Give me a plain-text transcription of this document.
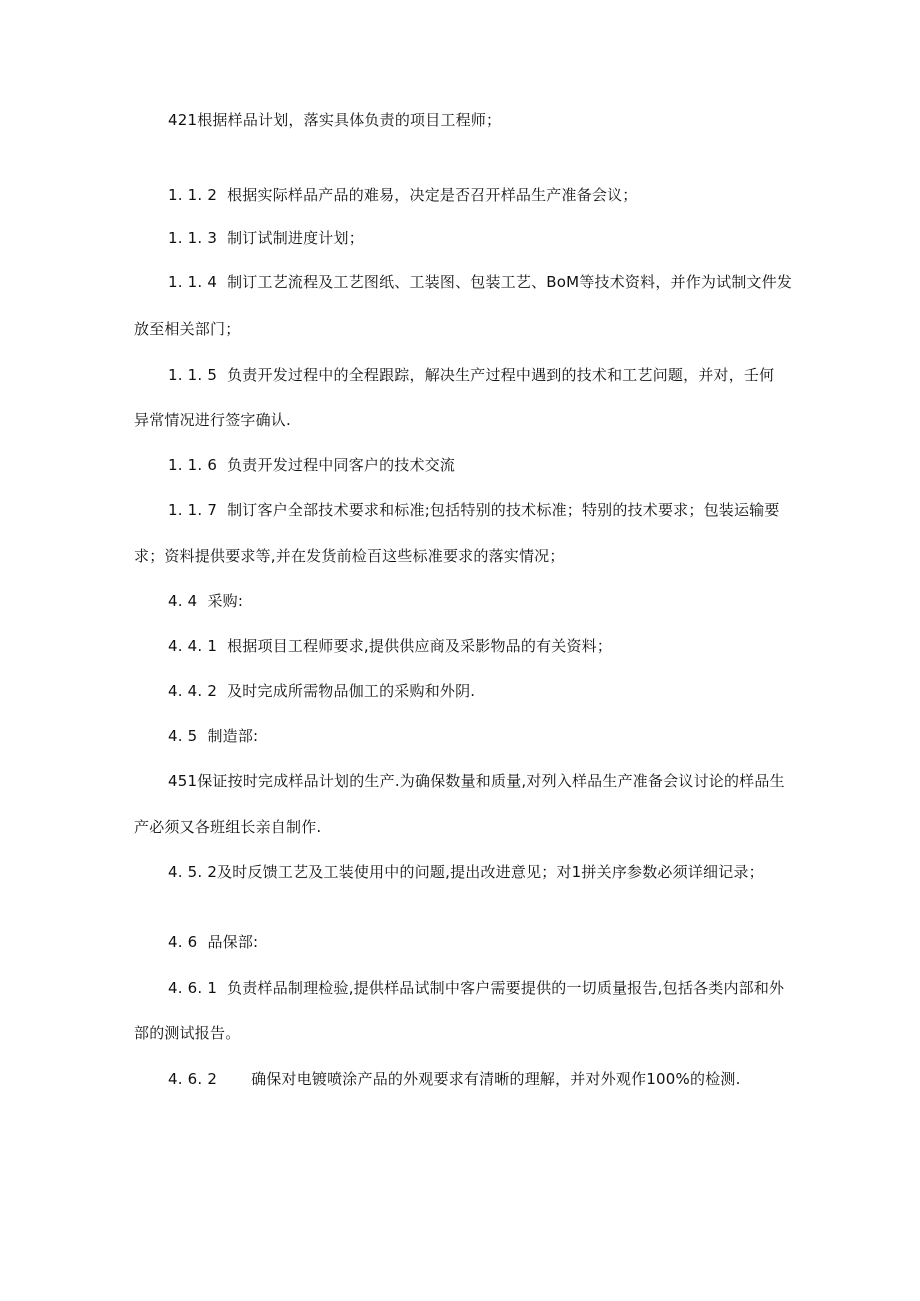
421根据样品计划，落实具体负责的项目工程师；
1. 1. 2 根据实际样品产品的难易，决定是否召开样品生产准备会议；
1. 1. 3 制订试制进度计划；
1. 1. 4 制订工艺流程及工艺图纸、工装图、包装工艺、BoM等技术资料，并作为试制文件发
放至相关部门；
1. 1. 5 负责开发过程中的全程跟踪，解决生产过程中遇到的技术和工艺问题，并对，壬何
异常情况进行签字确认.
1. 1. 6 负责开发过程中同客户的技术交流
1. 1. 7 制订客户全部技术要求和标准;包括特别的技术标准；特别的技术要求；包装运输要
求；资料提供要求等,并在发货前检百这些标准要求的落实情况；
4. 4 采购:
4. 4. 1 根据项目工程师要求,提供供应商及采影物品的有关资料；
4. 4. 2 及时完成所需物品伽工的采购和外阴.
4. 5 制造部:
451保证按时完成样品计划的生产.为确保数量和质量,对列入样品生产准备会议讨论的样品生
产必须又各班组长亲自制作.
4. 5. 2及时反馈工艺及工装使用中的问题,提出改进意见；对1拼关序参数必须详细记录；
4. 6 品保部:
4. 6. 1 负责样品制理检验,提供样品试制中客户需要提供的一切质量报告,包括各类内部和外
部的测试报告。
4. 6. 2 确保对电镀喷涂产品的外观要求有清晰的理解，并对外观作100%的检测.
